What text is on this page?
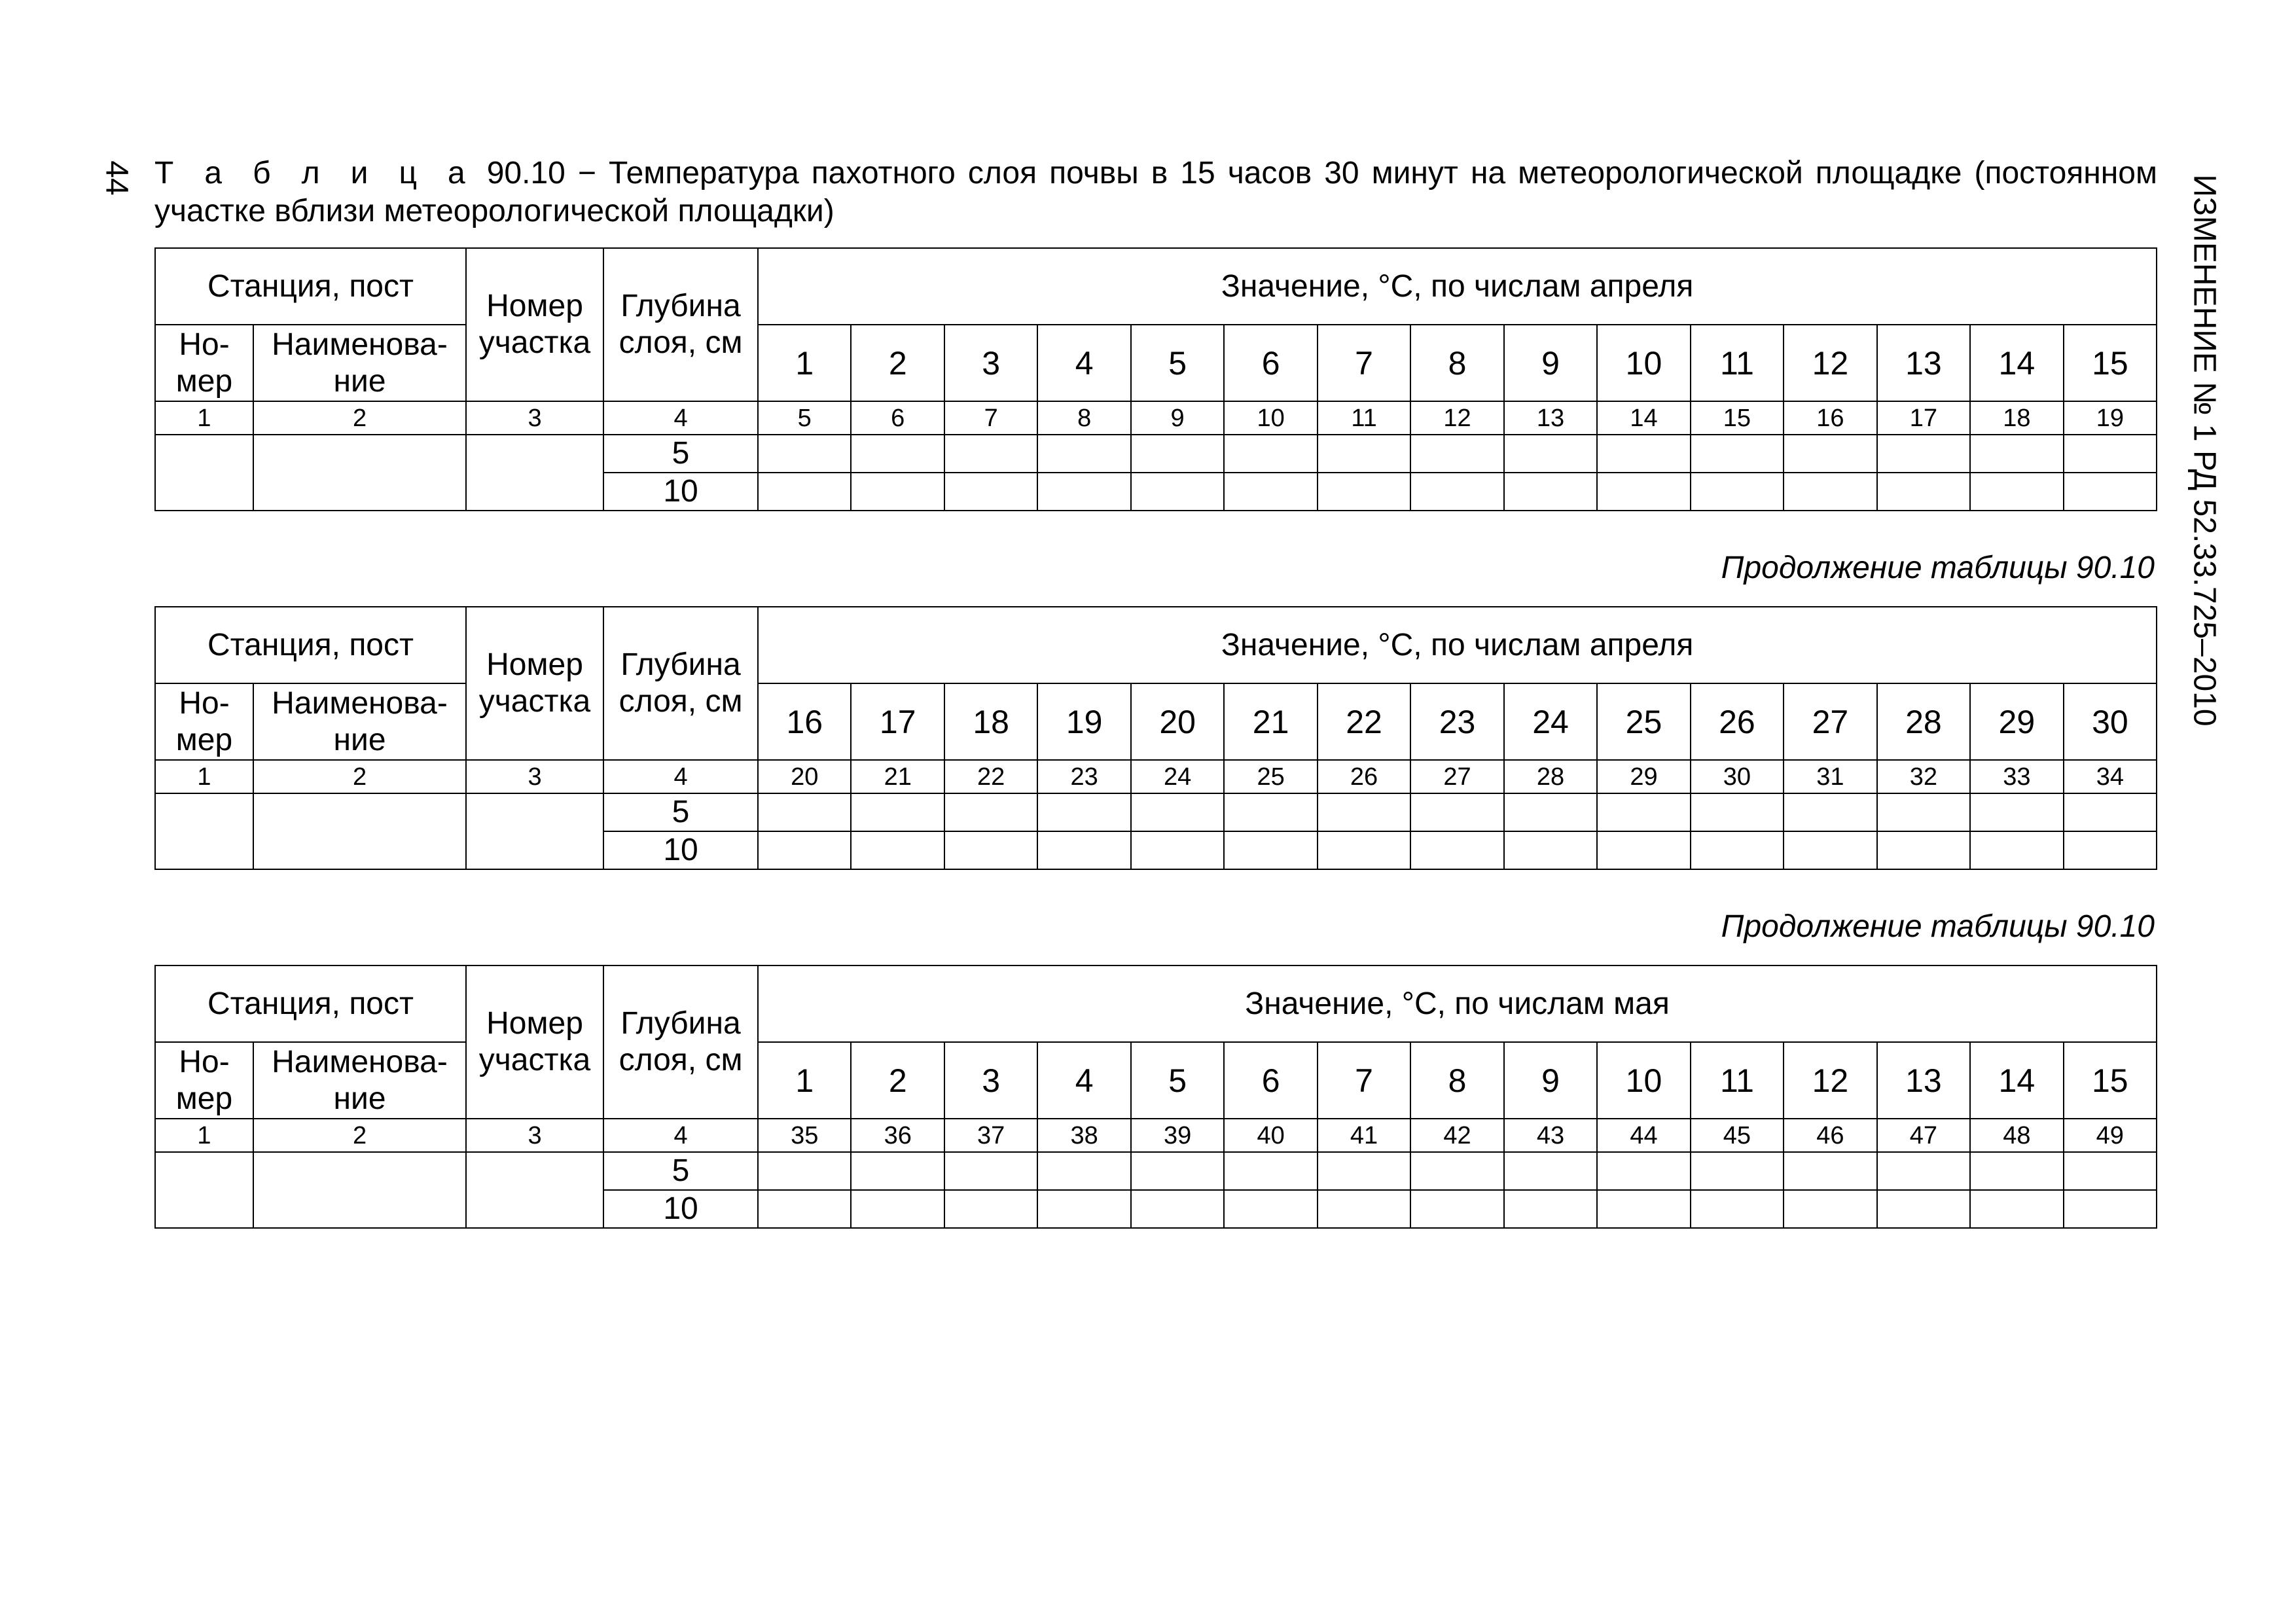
44	ИЗМЕНЕНИЕ № 1 РД 52.33.725–2010
Т а б л и ц а 90.10 − Температура пахотного слоя почвы в 15 часов 30 минут на метеорологической площадке (постоянном участке вблизи метеорологической площадки)
Станция, пост		Номер участка	Глубина слоя, см	Значение, °С, по числам апреля														
Но-мер	Наименова-ние			1	2	3	4	5	6	7	8	9	10	11	12	13	14	15
1	2	3	4	5	6	7	8	9	10	11	12	13	14	15	16	17	18	19
			5															
			10															
Продолжение таблицы 90.10
Станция, пост		Номер участка	Глубина слоя, см	Значение, °С, по числам апреля														
Но-мер	Наименова-ние			16	17	18	19	20	21	22	23	24	25	26	27	28	29	30
1	2	3	4	20	21	22	23	24	25	26	27	28	29	30	31	32	33	34
			5															
			10															
Продолжение таблицы 90.10
Станция, пост		Номер участка	Глубина слоя, см	Значение, °С, по числам мая														
Но-мер	Наименова-ние			1	2	3	4	5	6	7	8	9	10	11	12	13	14	15
1	2	3	4	35	36	37	38	39	40	41	42	43	44	45	46	47	48	49
			5															
			10															
